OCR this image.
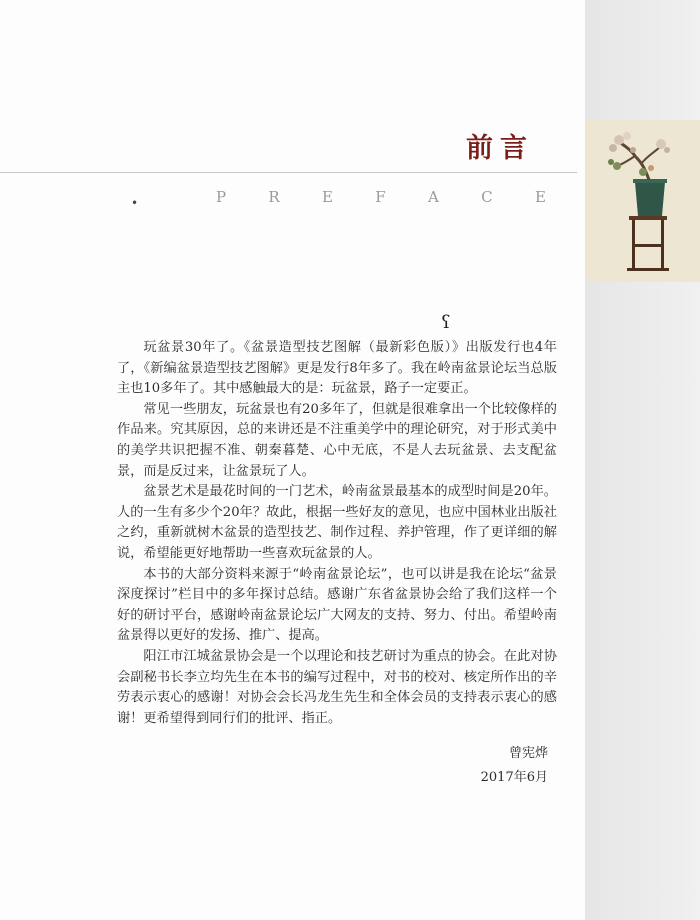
前言
•	P	R	E	F	A	C	E
ʕ

玩盆景30年了。《盆景造型技艺图解（最新彩色版）》出版发行也4年了，《新编盆景造型技艺图解》更是发行8年多了。我在岭南盆景论坛当总版主也10多年了。其中感触最大的是：玩盆景，路子一定要正。

常见一些朋友，玩盆景也有20多年了，但就是很难拿出一个比较像样的作品来。究其原因，总的来讲还是不注重美学中的理论研究，对于形式美中的美学共识把握不准、朝秦暮楚、心中无底，不是人去玩盆景、去支配盆景，而是反过来，让盆景玩了人。

盆景艺术是最花时间的一门艺术，岭南盆景最基本的成型时间是20年。人的一生有多少个20年？故此，根据一些好友的意见，也应中国林业出版社之约，重新就树木盆景的造型技艺、制作过程、养护管理，作了更详细的解说，希望能更好地帮助一些喜欢玩盆景的人。

本书的大部分资料来源于“岭南盆景论坛”，也可以讲是我在论坛“盆景深度探讨”栏目中的多年探讨总结。感谢广东省盆景协会给了我们这样一个好的研讨平台，感谢岭南盆景论坛广大网友的支持、努力、付出。希望岭南盆景得以更好的发扬、推广、提高。

阳江市江城盆景协会是一个以理论和技艺研讨为重点的协会。在此对协会副秘书长李立均先生在本书的编写过程中，对书的校对、核定所作出的辛劳表示衷心的感谢！对协会会长冯龙生先生和全体会员的支持表示衷心的感谢！更希望得到同行们的批评、指正。

曾宪烨
2017年6月
